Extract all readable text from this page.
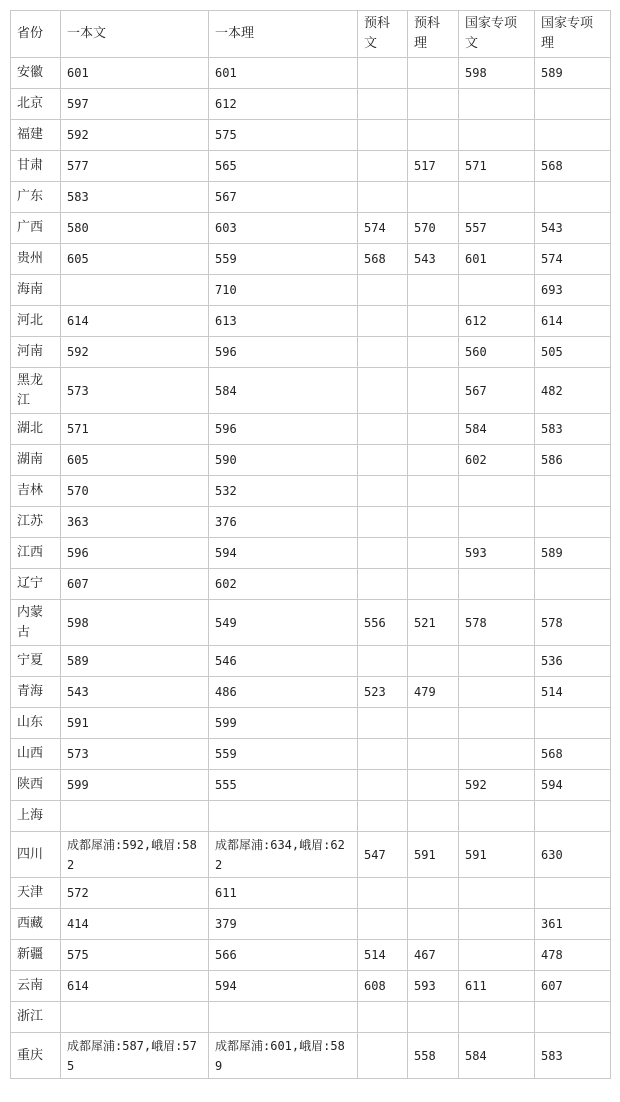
省份	一本文	一本理	预科文	预科理	国家专项文	国家专项理
安徽	601	601			598	589
北京	597	612				
福建	592	575				
甘肃	577	565		517	571	568
广东	583	567				
广西	580	603	574	570	557	543
贵州	605	559	568	543	601	574
海南		710				693
河北	614	613			612	614
河南	592	596			560	505
黑龙江	573	584			567	482
湖北	571	596			584	583
湖南	605	590			602	586
吉林	570	532				
江苏	363	376				
江西	596	594			593	589
辽宁	607	602				
内蒙古	598	549	556	521	578	578
宁夏	589	546				536
青海	543	486	523	479		514
山东	591	599				
山西	573	559				568
陕西	599	555			592	594
上海						
四川	成都犀浦:592,峨眉:582	成都犀浦:634,峨眉:622	547	591	591	630
天津	572	611				
西藏	414	379				361
新疆	575	566	514	467		478
云南	614	594	608	593	611	607
浙江						
重庆	成都犀浦:587,峨眉:575	成都犀浦:601,峨眉:589		558	584	583
